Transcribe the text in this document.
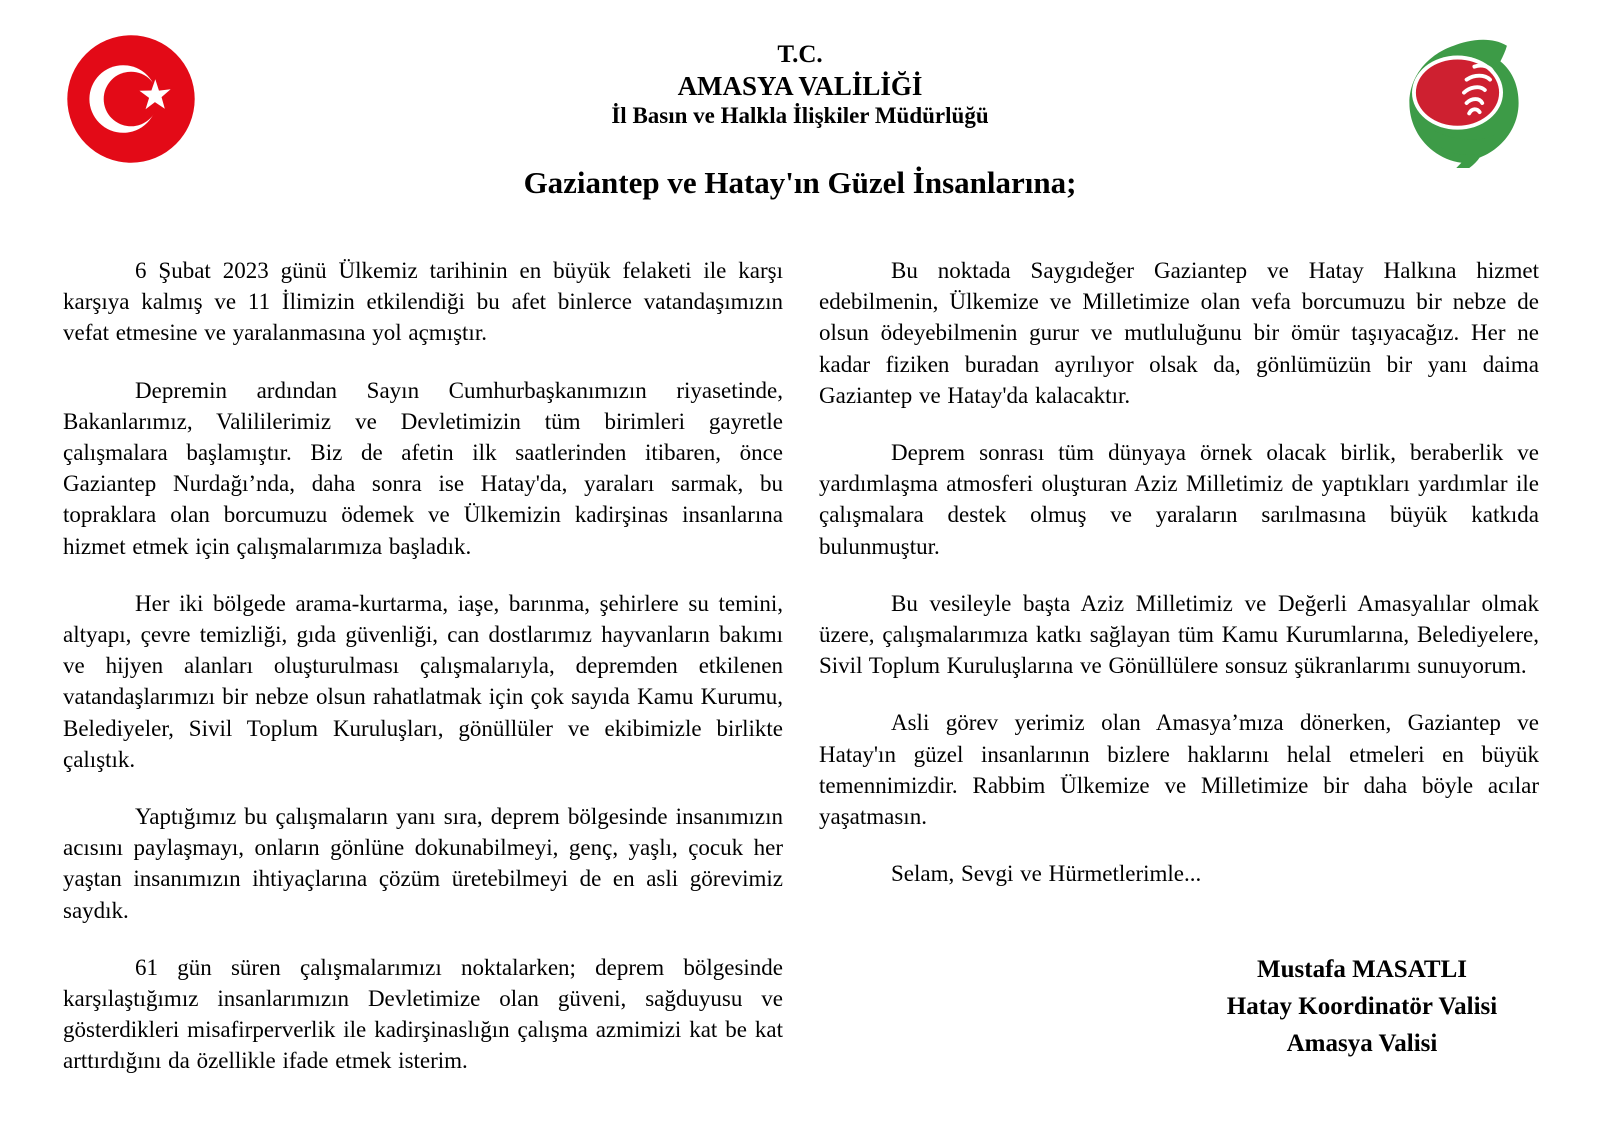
T.C.
AMASYA VALİLİĞİ
İl Basın ve Halkla İlişkiler Müdürlüğü
Gaziantep ve Hatay'ın Güzel İnsanlarına;

6 Şubat 2023 günü Ülkemiz tarihinin en büyük felaketi ile karşı karşıya kalmış ve 11 İlimizin etkilendiği bu afet binlerce vatandaşımızın vefat etmesine ve yaralanmasına yol açmıştır.

Depremin ardından Sayın Cumhurbaşkanımızın riyasetinde, Bakanlarımız, Valililerimiz ve Devletimizin tüm birimleri gayretle çalışmalara başlamıştır. Biz de afetin ilk saatlerinden itibaren, önce Gaziantep Nurdağı’nda, daha sonra ise Hatay'da, yaraları sarmak, bu topraklara olan borcumuzu ödemek ve Ülkemizin kadirşinas insanlarına hizmet etmek için çalışmalarımıza başladık.

Her iki bölgede arama-kurtarma, iaşe, barınma, şehirlere su temini, altyapı, çevre temizliği, gıda güvenliği, can dostlarımız hayvanların bakımı ve hijyen alanları oluşturulması çalışmalarıyla, depremden etkilenen vatandaşlarımızı bir nebze olsun rahatlatmak için çok sayıda Kamu Kurumu, Belediyeler, Sivil Toplum Kuruluşları, gönüllüler ve ekibimizle birlikte çalıştık.

Yaptığımız bu çalışmaların yanı sıra, deprem bölgesinde insanımızın acısını paylaşmayı, onların gönlüne dokunabilmeyi, genç, yaşlı, çocuk her yaştan insanımızın ihtiyaçlarına çözüm üretebilmeyi de en asli görevimiz saydık.

61 gün süren çalışmalarımızı noktalarken; deprem bölgesinde karşılaştığımız insanlarımızın Devletimize olan güveni, sağduyusu ve gösterdikleri misafirperverlik ile kadirşinaslığın çalışma azmimizi kat be kat arttırdığını da özellikle ifade etmek isterim.

Bu noktada Saygıdeğer Gaziantep ve Hatay Halkına hizmet edebilmenin, Ülkemize ve Milletimize olan vefa borcumuzu bir nebze de olsun ödeyebilmenin gurur ve mutluluğunu bir ömür taşıyacağız. Her ne kadar fiziken buradan ayrılıyor olsak da, gönlümüzün bir yanı daima Gaziantep ve Hatay'da kalacaktır.

Deprem sonrası tüm dünyaya örnek olacak birlik, beraberlik ve yardımlaşma atmosferi oluşturan Aziz Milletimiz de yaptıkları yardımlar ile çalışmalara destek olmuş ve yaraların sarılmasına büyük katkıda bulunmuştur.

Bu vesileyle başta Aziz Milletimiz ve Değerli Amasyalılar olmak üzere, çalışmalarımıza katkı sağlayan tüm Kamu Kurumlarına, Belediyelere, Sivil Toplum Kuruluşlarına ve Gönüllülere sonsuz şükranlarımı sunuyorum.

Asli görev yerimiz olan Amasya’mıza dönerken, Gaziantep ve Hatay'ın güzel insanlarının bizlere haklarını helal etmeleri en büyük temennimizdir. Rabbim Ülkemize ve Milletimize bir daha böyle acılar yaşatmasın.

Selam, Sevgi ve Hürmetlerimle...

Mustafa MASATLI
Hatay Koordinatör Valisi
Amasya Valisi
